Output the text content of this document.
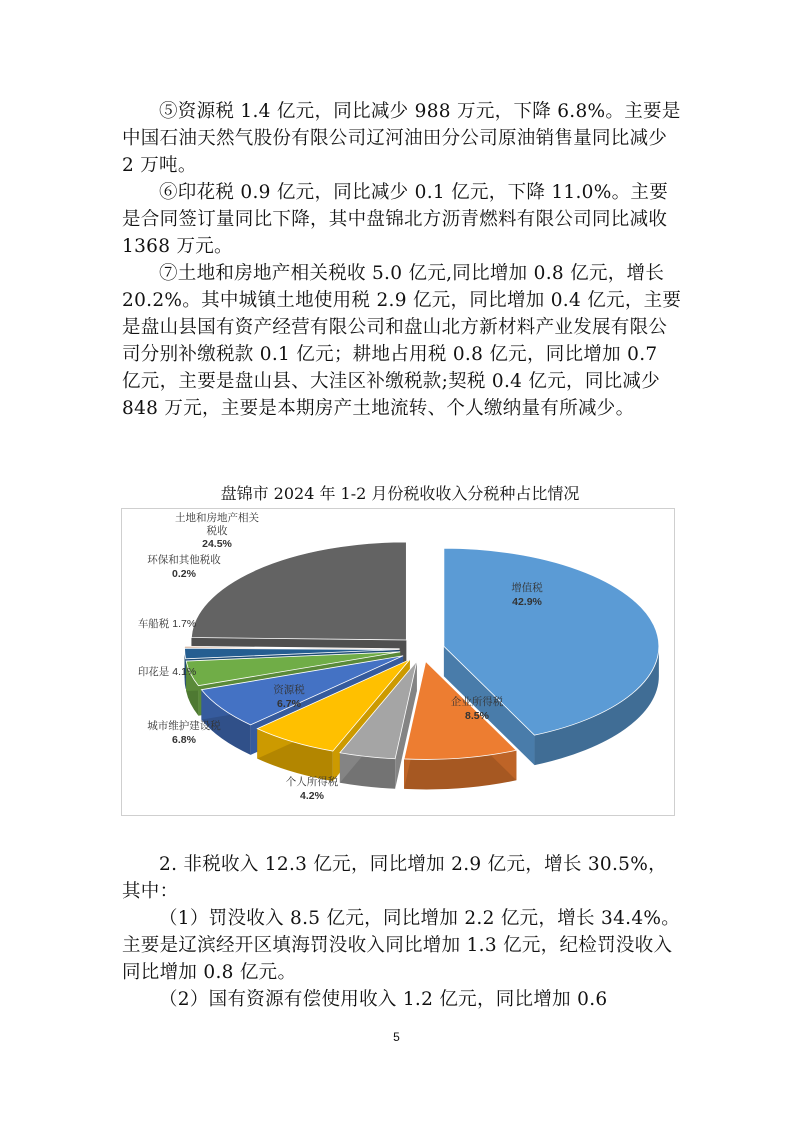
⑤资源税 1.4 亿元，同比减少 988 万元，下降 6.8%。主要是中国石油天然气股份有限公司辽河油田分公司原油销售量同比减少 2 万吨。

⑥印花税 0.9 亿元，同比减少 0.1 亿元，下降 11.0%。主要是合同签订量同比下降，其中盘锦北方沥青燃料有限公司同比减收 1368 万元。

⑦土地和房地产相关税收 5.0 亿元,同比增加 0.8 亿元，增长 20.2%。其中城镇土地使用税 2.9 亿元，同比增加 0.4 亿元，主要是盘山县国有资产经营有限公司和盘山北方新材料产业发展有限公司分别补缴税款 0.1 亿元；耕地占用税 0.8 亿元，同比增加 0.7 亿元，主要是盘山县、大洼区补缴税款;契税 0.4 亿元，同比减少 848 万元，主要是本期房产土地流转、个人缴纳量有所减少。

盘锦市 2024 年 1-2 月份税收收入分税种占比情况
增值税 42.9%
企业所得税 8.5%
个人所得税 4.2%
资源税 6.7%
城市维护建设税 6.8%
印花是 4.1%
车船税 1.7%
环保和其他税收 0.2%
土地和房地产相关税收 24.5%

2. 非税收入 12.3 亿元，同比增加 2.9 亿元，增长 30.5%，其中：

（1）罚没收入 8.5 亿元，同比增加 2.2 亿元，增长 34.4%。主要是辽滨经开区填海罚没收入同比增加 1.3 亿元，纪检罚没收入同比增加 0.8 亿元。

（2）国有资源有偿使用收入 1.2 亿元，同比增加 0.6

5
